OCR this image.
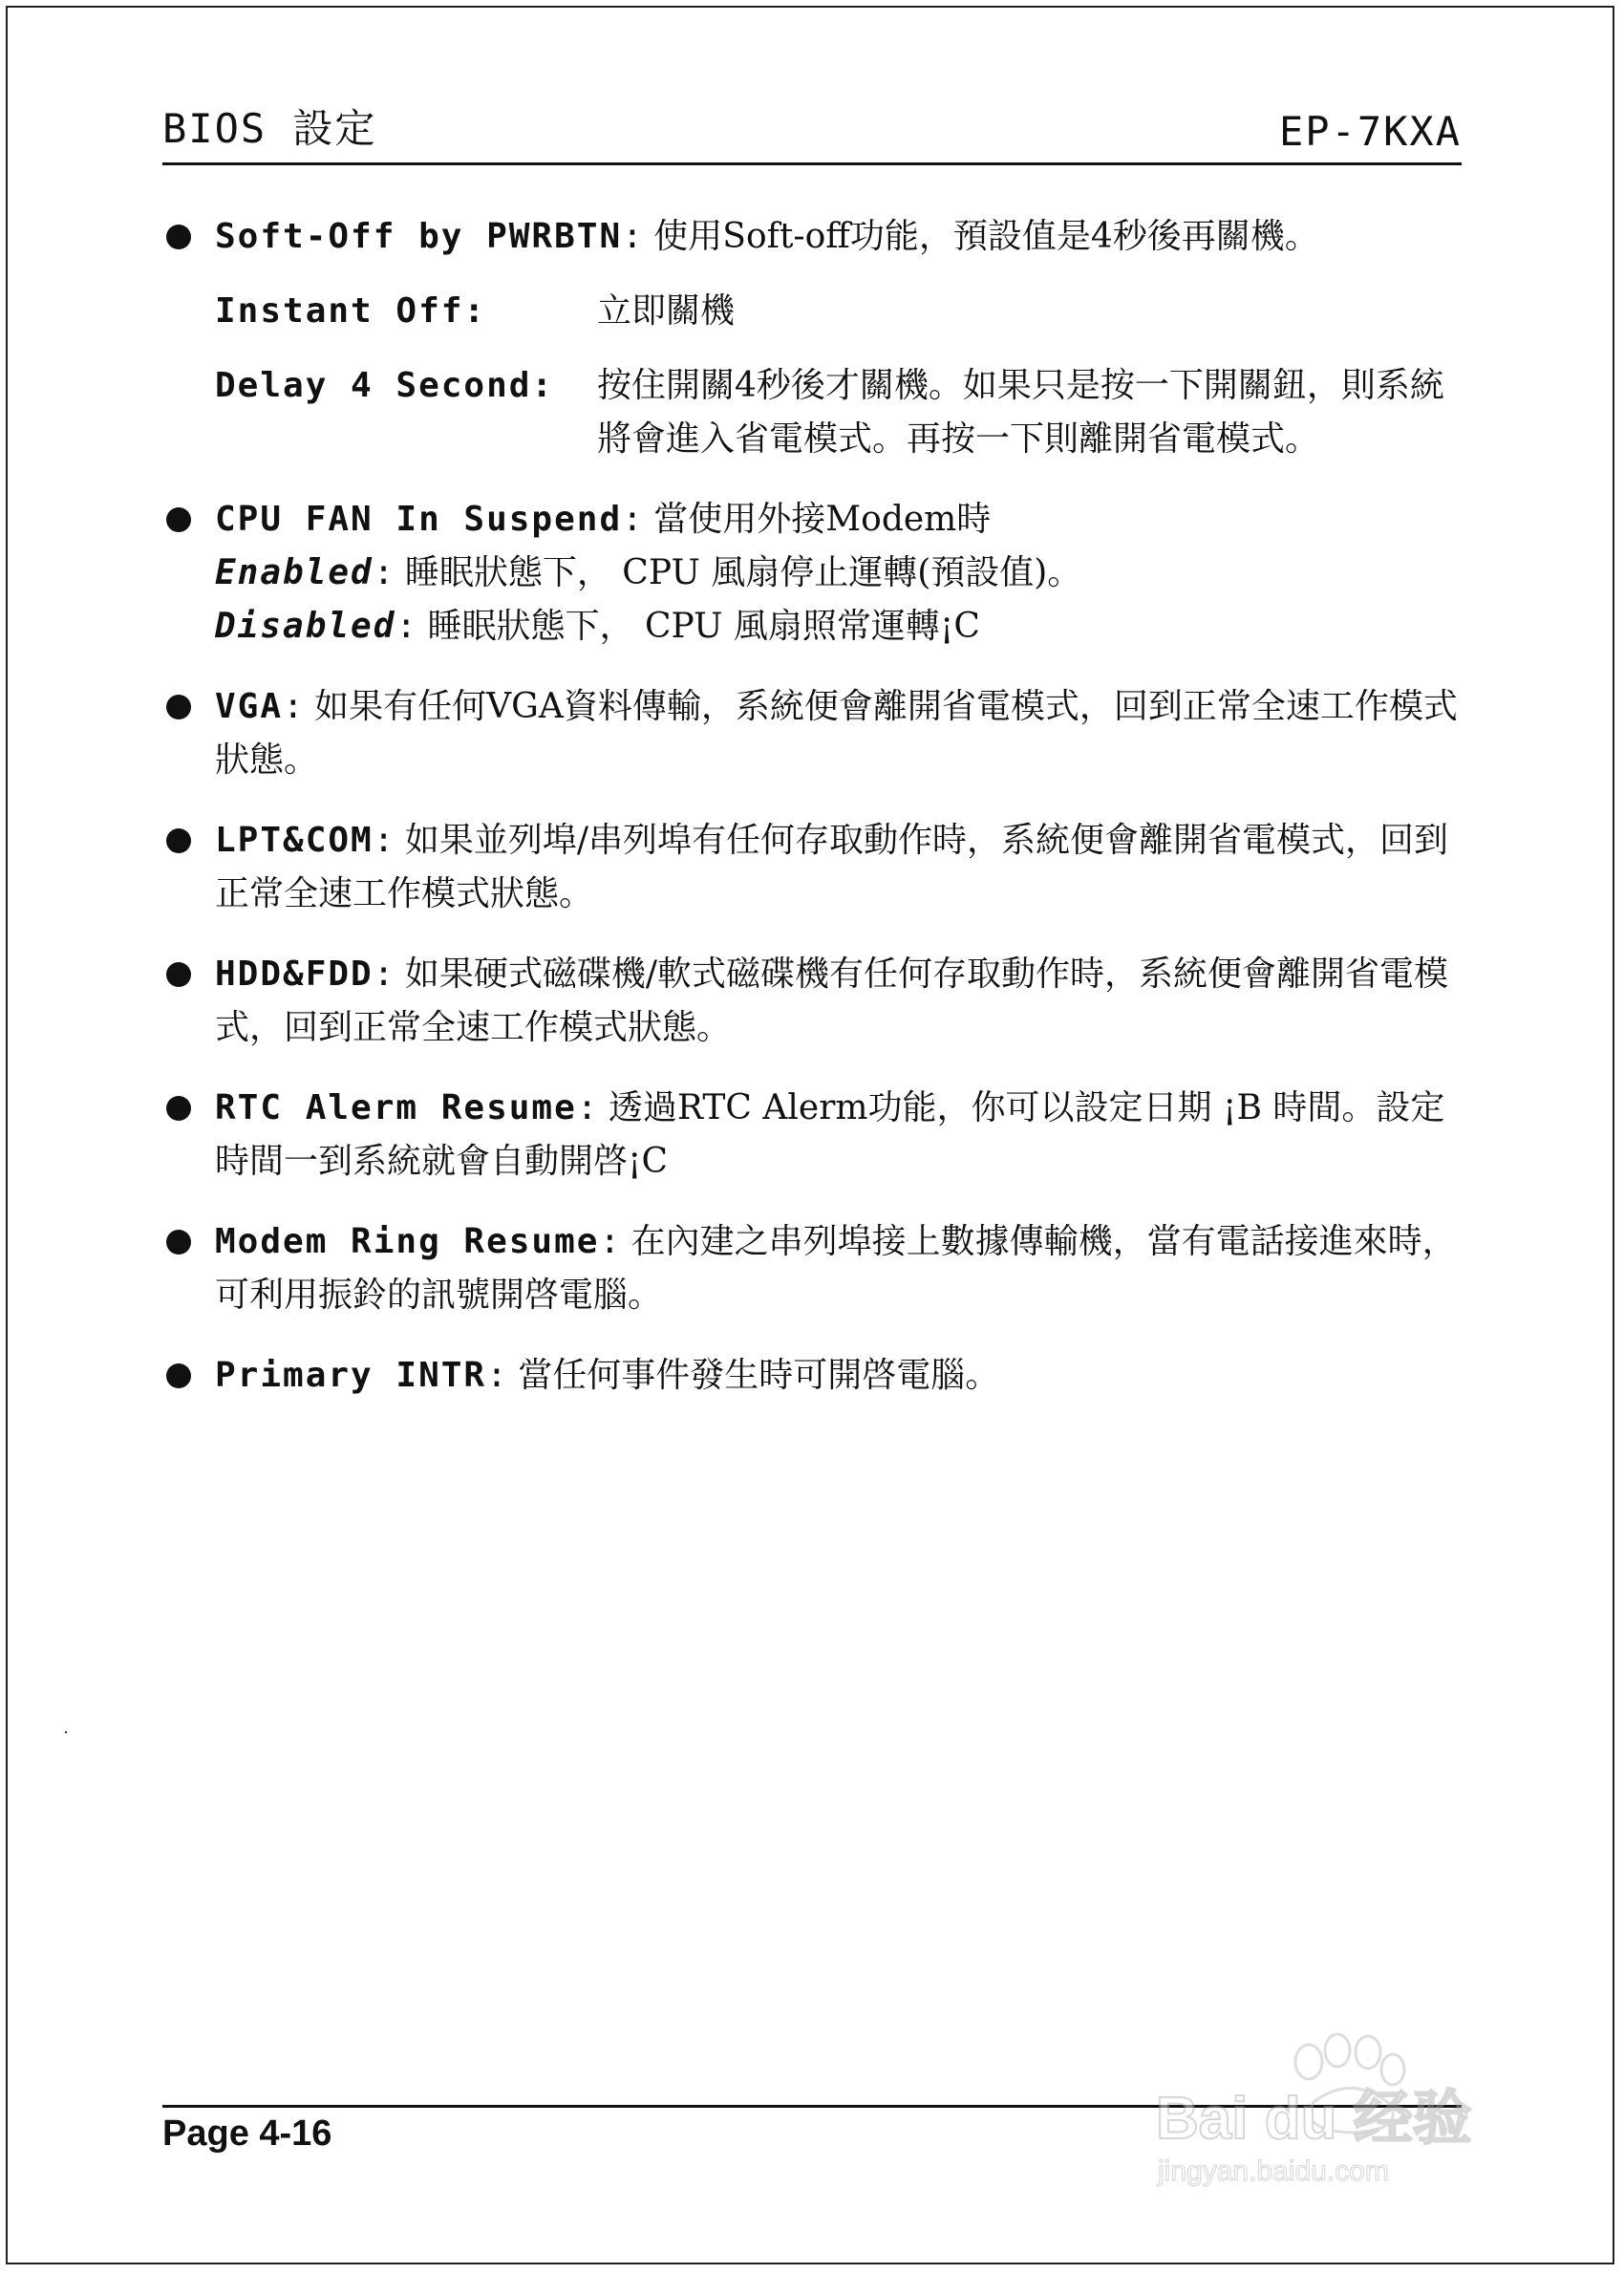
BIOS 設定	EP-7KXA
Soft-Off by PWRBTN: 使用Soft-off功能，預設值是4秒後再關機。
Instant Off:	立即關機
Delay 4 Second:	按住開關4秒後才關機。如果只是按一下開關鈕，則系統將會進入省電模式。再按一下則離開省電模式。
CPU FAN In Suspend: 當使用外接Modem時
Enabled: 睡眠狀態下， CPU 風扇停止運轉(預設值)。
Disabled: 睡眠狀態下， CPU 風扇照常運轉¡C
VGA: 如果有任何VGA資料傳輸，系統便會離開省電模式，回到正常全速工作模式狀態。
LPT&COM: 如果並列埠/串列埠有任何存取動作時，系統便會離開省電模式，回到正常全速工作模式狀態。
HDD&FDD: 如果硬式磁碟機/軟式磁碟機有任何存取動作時，系統便會離開省電模式，回到正常全速工作模式狀態。
RTC Alerm Resume: 透過RTC Alerm功能，你可以設定日期 ¡B 時間。設定時間一到系統就會自動開啓¡C
Modem Ring Resume: 在內建之串列埠接上數據傳輸機，當有電話接進來時，可利用振鈴的訊號開啓電腦。
Primary INTR: 當任何事件發生時可開啓電腦。
Page 4-16	Bai du 经验
jingyan.baidu.com
